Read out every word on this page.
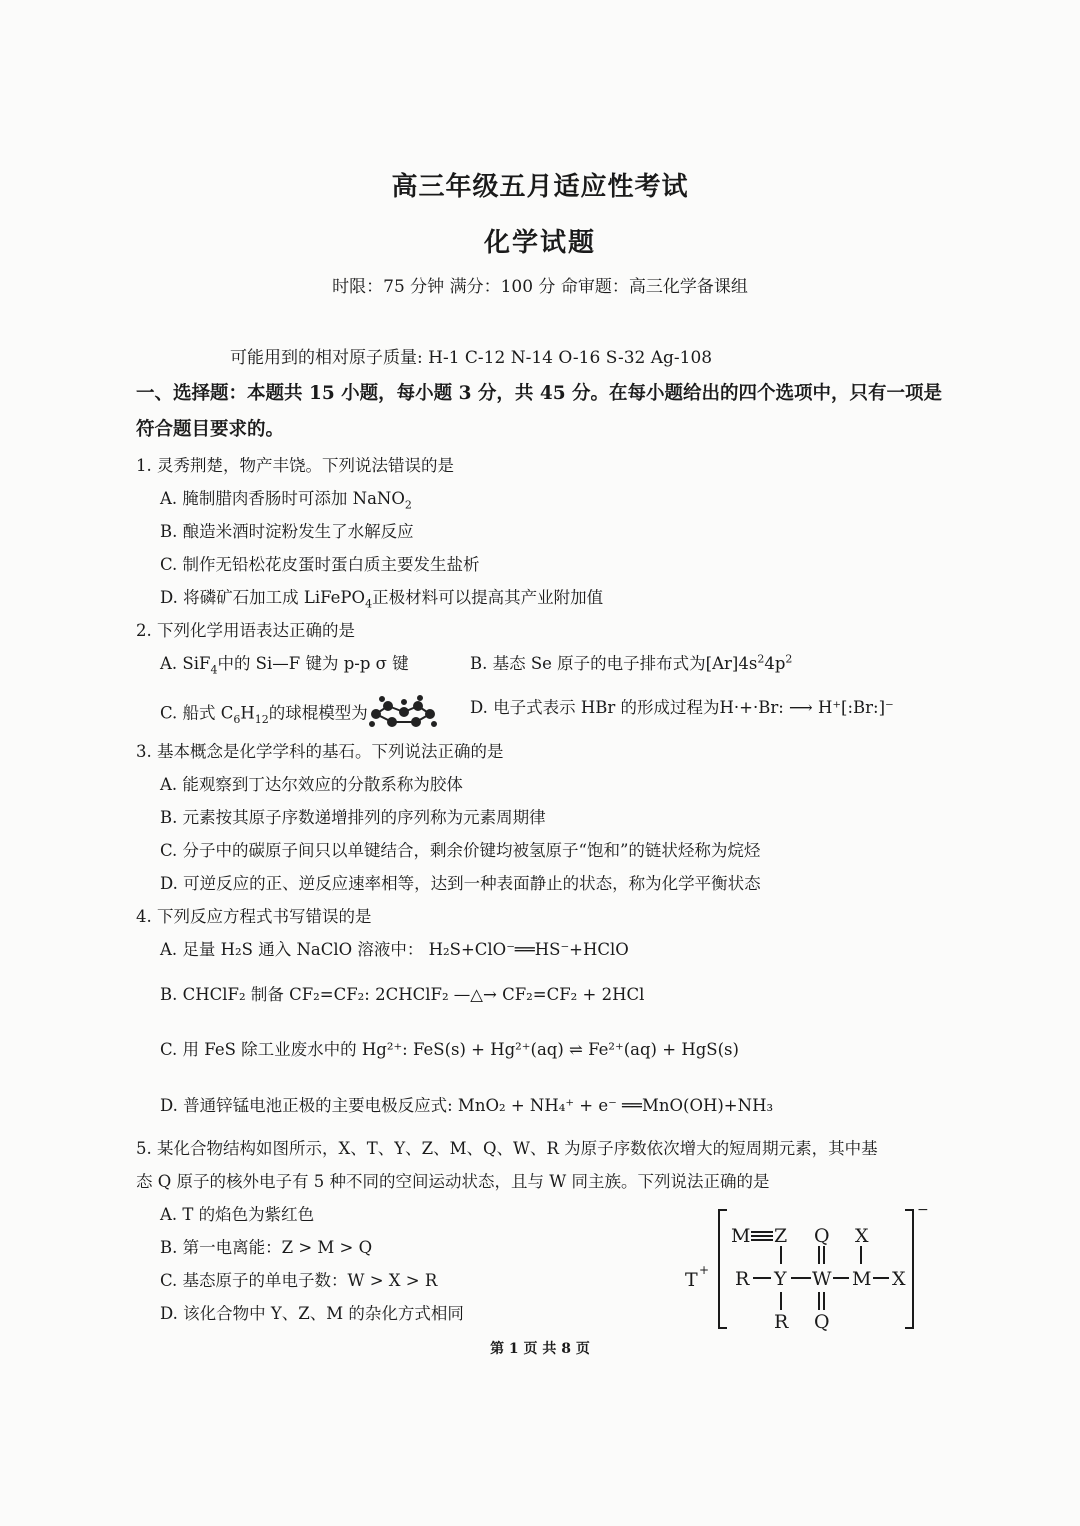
高三年级五月适应性考试
化学试题
时限：75 分钟 满分：100 分 命审题：高三化学备课组
可能用到的相对原子质量: H-1 C-12 N-14 O-16 S-32 Ag-108
一、选择题：本题共 15 小题，每小题 3 分，共 45 分。在每小题给出的四个选项中，只有一项是符合题目要求的。
1. 灵秀荆楚，物产丰饶。下列说法错误的是
A. 腌制腊肉香肠时可添加 NaNO$_2$
B. 酿造米酒时淀粉发生了水解反应
C. 制作无铅松花皮蛋时蛋白质主要发生盐析
D. 将磷矿石加工成 LiFePO$_4$正极材料可以提高其产业附加值
2. 下列化学用语表达正确的是
A. SiF$_4$中的 Si—F 键为 p-p σ 键	B. 基态 Se 原子的电子排布式为$[Ar]4s^24p^2$
C. 船式 $C_6H_{12}$的球棍模型为	D. 电子式表示 HBr 的形成过程为H·+·Br: ⟶ H⁺[:Br:]⁻
3. 基本概念是化学学科的基石。下列说法正确的是
A. 能观察到丁达尔效应的分散系称为胶体
B. 元素按其原子序数递增排列的序列称为元素周期律
C. 分子中的碳原子间只以单键结合，剩余价键均被氢原子“饱和”的链状烃称为烷烃
D. 可逆反应的正、逆反应速率相等，达到一种表面静止的状态，称为化学平衡状态
4. 下列反应方程式书写错误的是
A. 足量 H₂S 通入 NaClO 溶液中： H₂S+ClO⁻══HS⁻+HClO
B. CHClF₂ 制备 CF₂=CF₂: 2CHClF₂ —△→ CF₂=CF₂ + 2HCl
C. 用 FeS 除工业废水中的 Hg²⁺: FeS(s) + Hg²⁺(aq) ⇌ Fe²⁺(aq) + HgS(s)
D. 普通锌锰电池正极的主要电极反应式: MnO₂ + NH₄⁺ + e⁻ ══MnO(OH)+NH₃
5. 某化合物结构如图所示，X、T、Y、Z、M、Q、W、R 为原子序数依次增大的短周期元素，其中基
态 Q 原子的核外电子有 5 种不同的空间运动状态，且与 W 同主族。下列说法正确的是
A. T 的焰色为紫红色
B. 第一电离能：Z > M > Q
C. 基态原子的单电子数：W > X > R
D. 该化合物中 Y、Z、M 的杂化方式相同
T +
−
M Z Q X
R Y W M X
R Q
第 1 页 共 8 页
